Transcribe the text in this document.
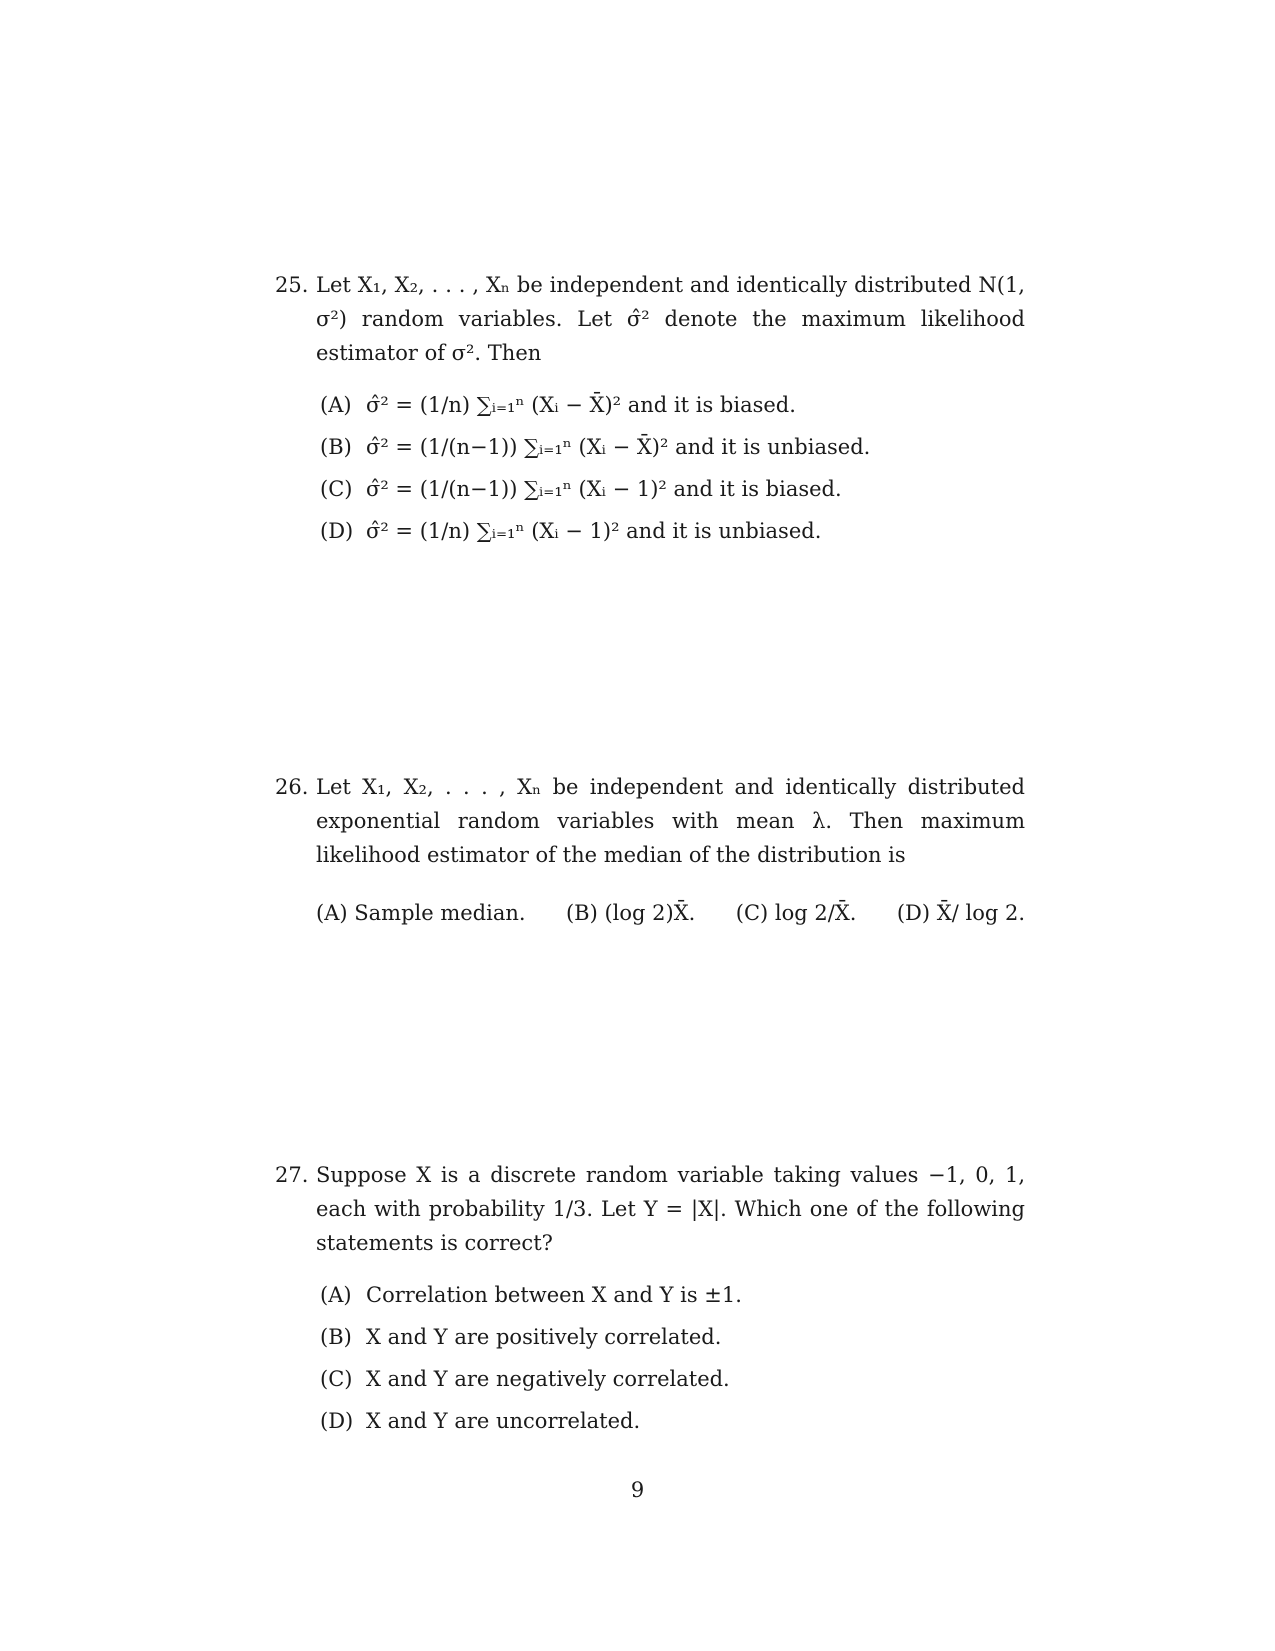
25. Let X₁, X₂, . . . , Xₙ be independent and identically distributed N(1, σ²) random variables. Let σ̂² denote the maximum likelihood estimator of σ². Then
(A) σ̂² = (1/n) ∑ᵢ₌₁ⁿ (Xᵢ − X̄)² and it is biased.
(B) σ̂² = (1/(n−1)) ∑ᵢ₌₁ⁿ (Xᵢ − X̄)² and it is unbiased.
(C) σ̂² = (1/(n−1)) ∑ᵢ₌₁ⁿ (Xᵢ − 1)² and it is biased.
(D) σ̂² = (1/n) ∑ᵢ₌₁ⁿ (Xᵢ − 1)² and it is unbiased.
26. Let X₁, X₂, . . . , Xₙ be independent and identically distributed exponential random variables with mean λ. Then maximum likelihood estimator of the median of the distribution is
(A) Sample median. (B) (log 2)X̄. (C) log 2/X̄. (D) X̄/ log 2.
27. Suppose X is a discrete random variable taking values −1, 0, 1, each with probability 1/3. Let Y = |X|. Which one of the following statements is correct?
(A) Correlation between X and Y is ±1.
(B) X and Y are positively correlated.
(C) X and Y are negatively correlated.
(D) X and Y are uncorrelated.
9
